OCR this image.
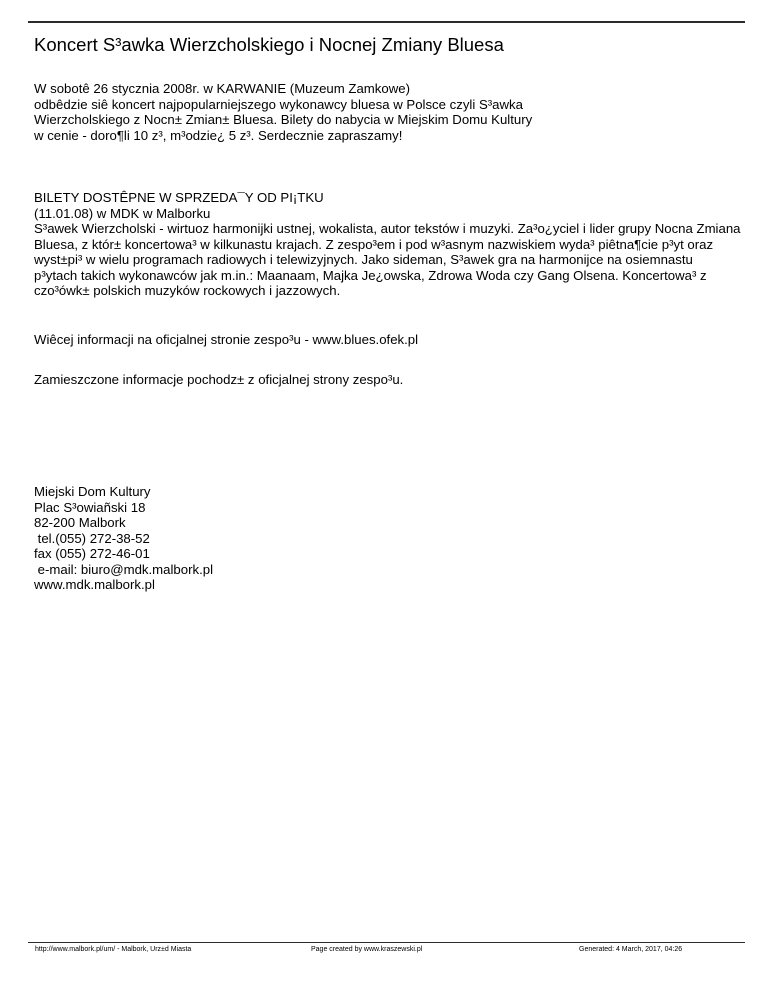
Koncert S³awka Wierzcholskiego i Nocnej Zmiany Bluesa
W sobotê 26 stycznia 2008r. w KARWANIE (Muzeum Zamkowe)
odbêdzie siê koncert najpopularniejszego wykonawcy bluesa w Polsce czyli S³awka
Wierzcholskiego z Nocn± Zmian± Bluesa. Bilety do nabycia w Miejskim Domu Kultury
w cenie - doro¶li 10 z³, m³odzie¿ 5 z³. Serdecznie zapraszamy!
BILETY DOSTÊPNE W SPRZEDA¯Y OD PI¡TKU
(11.01.08) w MDK w Malborku
S³awek Wierzcholski - wirtuoz harmonijki ustnej, wokalista, autor tekstów i muzyki. Za³o¿yciel i lider grupy Nocna Zmiana
Bluesa, z któr± koncertowa³ w kilkunastu krajach. Z zespo³em i pod w³asnym nazwiskiem wyda³ piêtna¶cie p³yt oraz
wyst±pi³ w wielu programach radiowych i telewizyjnych. Jako sideman, S³awek gra na harmonijce na osiemnastu
p³ytach takich wykonawców jak m.in.: Maanaam, Majka Je¿owska, Zdrowa Woda czy Gang Olsena. Koncertowa³ z
czo³ówk± polskich muzyków rockowych i jazzowych.
Wiêcej informacji na oficjalnej stronie zespo³u - www.blues.ofek.pl
Zamieszczone informacje pochodz± z oficjalnej strony zespo³u.
Miejski Dom Kultury
Plac S³owiañski 18
82-200 Malbork
tel.(055) 272-38-52
fax (055) 272-46-01
e-mail: biuro@mdk.malbork.pl
www.mdk.malbork.pl
http://www.malbork.pl/um/ - Malbork, Urz±d Miasta	Page created by www.kraszewski.pl	Generated: 4 March, 2017, 04:26
